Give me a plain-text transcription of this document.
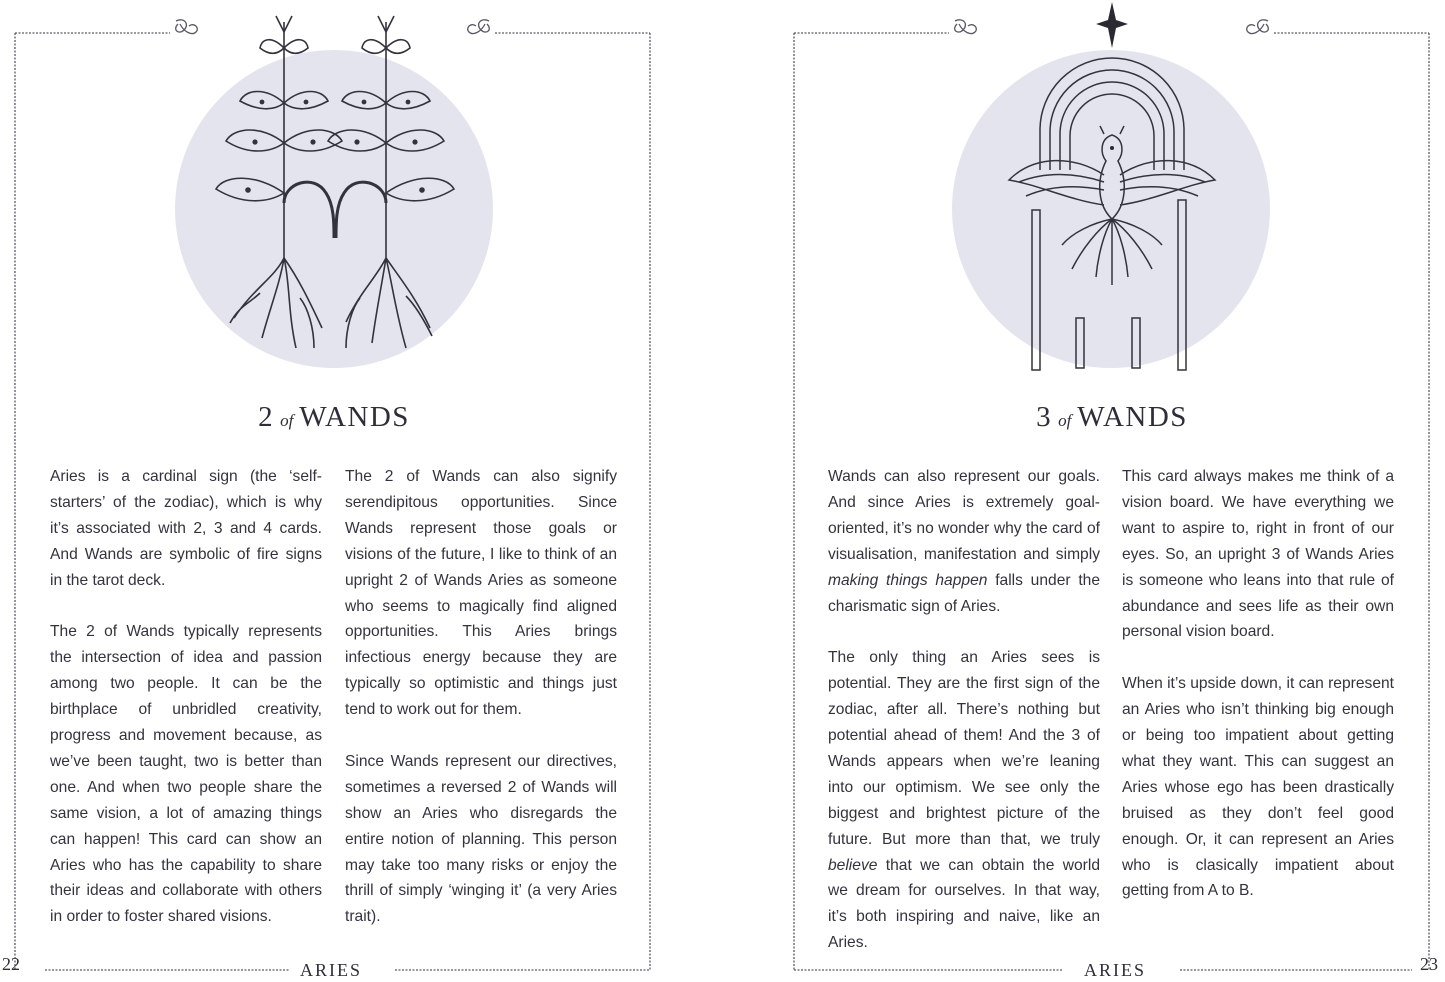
2 of WANDS

Aries is a cardinal sign (the ‘self-starters’ of the zodiac), which is why it’s associated with 2, 3 and 4 cards. And Wands are symbolic of fire signs in the tarot deck.

The 2 of Wands typically represents the intersection of idea and passion among two people. It can be the birthplace of unbridled creativity, progress and movement because, as we’ve been taught, two is better than one. And when two people share the same vision, a lot of amazing things can happen! This card can show an Aries who has the capability to share their ideas and collaborate with others in order to foster shared visions.

The 2 of Wands can also signify serendipitous opportunities. Since Wands represent those goals or visions of the future, I like to think of an upright 2 of Wands Aries as someone who seems to magically find aligned opportunities. This Aries brings infectious energy because they are typically so optimistic and things just tend to work out for them.

Since Wands represent our directives, sometimes a reversed 2 of Wands will show an Aries who disregards the entire notion of planning. This person may take too many risks or enjoy the thrill of simply ‘winging it’ (a very Aries trait).

22	ARIES
3 of WANDS

Wands can also represent our goals. And since Aries is extremely goal-oriented, it’s no wonder why the card of visualisation, manifestation and simply making things happen falls under the charismatic sign of Aries.

The only thing an Aries sees is potential. They are the first sign of the zodiac, after all. There’s nothing but potential ahead of them! And the 3 of Wands appears when we’re leaning into our optimism. We see only the biggest and brightest picture of the future. But more than that, we truly believe that we can obtain the world we dream for ourselves. In that way, it’s both inspiring and naive, like an Aries.

This card always makes me think of a vision board. We have everything we want to aspire to, right in front of our eyes. So, an upright 3 of Wands Aries is someone who leans into that rule of abundance and sees life as their own personal vision board.

When it’s upside down, it can represent an Aries who isn’t thinking big enough or being too impatient about getting what they want. This can suggest an Aries whose ego has been drastically bruised as they don’t feel good enough. Or, it can represent an Aries who is clasically impatient about getting from A to B.

ARIES	23
